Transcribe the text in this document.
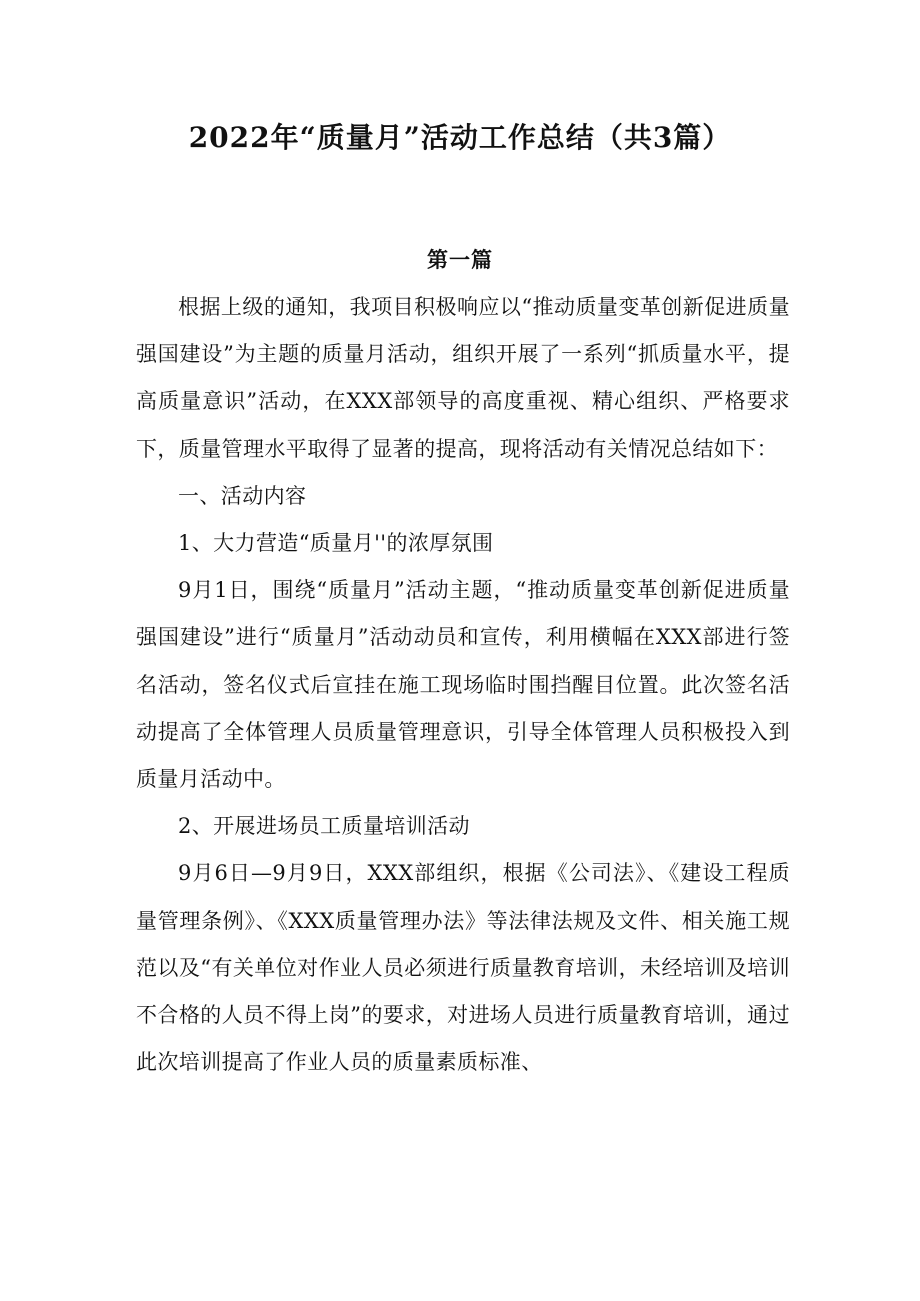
2022年“质量月”活动工作总结（共3篇）
第一篇

根据上级的通知，我项目积极响应以“推动质量变革创新促进质量强国建设”为主题的质量月活动，组织开展了一系列“抓质量水平，提高质量意识”活动，在XXX部领导的高度重视、精心组织、严格要求下，质量管理水平取得了显著的提高，现将活动有关情况总结如下：

一、活动内容

1、大力营造“质量月''的浓厚氛围

9月1日，围绕“质量月”活动主题，“推动质量变革创新促进质量强国建设”进行“质量月”活动动员和宣传，利用横幅在XXX部进行签名活动，签名仪式后宣挂在施工现场临时围挡醒目位置。此次签名活动提高了全体管理人员质量管理意识，引导全体管理人员积极投入到质量月活动中。

2、开展进场员工质量培训活动

9月6日—9月9日，XXX部组织，根据《公司法》、《建设工程质量管理条例》、《XXX质量管理办法》等法律法规及文件、相关施工规范以及“有关单位对作业人员必须进行质量教育培训，未经培训及培训不合格的人员不得上岗”的要求，对进场人员进行质量教育培训，通过此次培训提高了作业人员的质量素质标准、
